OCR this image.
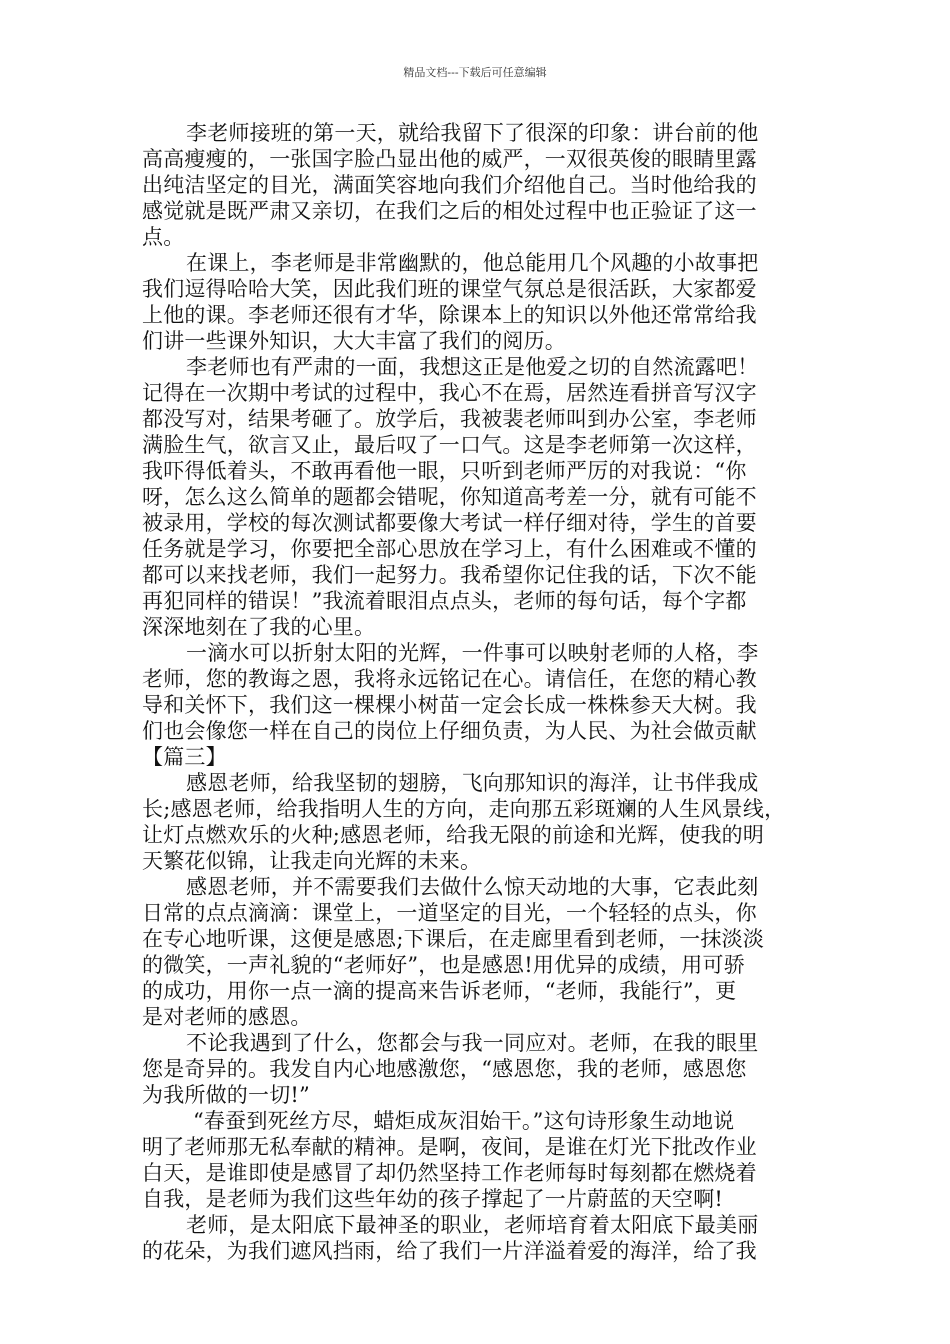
精品文档---下载后可任意编辑
李老师接班的第一天，就给我留下了很深的印象：讲台前的他
高高瘦瘦的，一张国字脸凸显出他的威严，一双很英俊的眼睛里露
出纯洁坚定的目光，满面笑容地向我们介绍他自己。当时他给我的
感觉就是既严肃又亲切，在我们之后的相处过程中也正验证了这一
点。
在课上，李老师是非常幽默的，他总能用几个风趣的小故事把
我们逗得哈哈大笑，因此我们班的课堂气氛总是很活跃，大家都爱
上他的课。李老师还很有才华，除课本上的知识以外他还常常给我
们讲一些课外知识，大大丰富了我们的阅历。
李老师也有严肃的一面，我想这正是他爱之切的自然流露吧！
记得在一次期中考试的过程中，我心不在焉，居然连看拼音写汉字
都没写对，结果考砸了。放学后，我被裴老师叫到办公室，李老师
满脸生气，欲言又止，最后叹了一口气。这是李老师第一次这样，
我吓得低着头，不敢再看他一眼，只听到老师严厉的对我说：“你
呀，怎么这么简单的题都会错呢，你知道高考差一分，就有可能不
被录用，学校的每次测试都要像大考试一样仔细对待，学生的首要
任务就是学习，你要把全部心思放在学习上，有什么困难或不懂的
都可以来找老师，我们一起努力。我希望你记住我的话，下次不能
再犯同样的错误！”我流着眼泪点点头，老师的每句话，每个字都
深深地刻在了我的心里。
一滴水可以折射太阳的光辉，一件事可以映射老师的人格，李
老师，您的教诲之恩，我将永远铭记在心。请信任，在您的精心教
导和关怀下，我们这一棵棵小树苗一定会长成一株株参天大树。我
们也会像您一样在自己的岗位上仔细负责，为人民、为社会做贡献
【篇三】
感恩老师，给我坚韧的翅膀，飞向那知识的海洋，让书伴我成
长;感恩老师，给我指明人生的方向，走向那五彩斑斓的人生风景线，
让灯点燃欢乐的火种;感恩老师，给我无限的前途和光辉，使我的明
天繁花似锦，让我走向光辉的未来。
感恩老师，并不需要我们去做什么惊天动地的大事，它表此刻
日常的点点滴滴：课堂上，一道坚定的目光，一个轻轻的点头，你
在专心地听课，这便是感恩;下课后，在走廊里看到老师，一抹淡淡
的微笑，一声礼貌的“老师好”，也是感恩!用优异的成绩，用可骄
的成功，用你一点一滴的提高来告诉老师，“老师，我能行”，更
是对老师的感恩。
不论我遇到了什么，您都会与我一同应对。老师，在我的眼里
您是奇异的。我发自内心地感激您，“感恩您，我的老师，感恩您
为我所做的一切!”
“春蚕到死丝方尽，蜡炬成灰泪始干。”这句诗形象生动地说
明了老师那无私奉献的精神。是啊，夜间，是谁在灯光下批改作业
白天，是谁即使是感冒了却仍然坚持工作老师每时每刻都在燃烧着
自我，是老师为我们这些年幼的孩子撑起了一片蔚蓝的天空啊!
老师，是太阳底下最神圣的职业，老师培育着太阳底下最美丽
的花朵，为我们遮风挡雨，给了我们一片洋溢着爱的海洋，给了我
